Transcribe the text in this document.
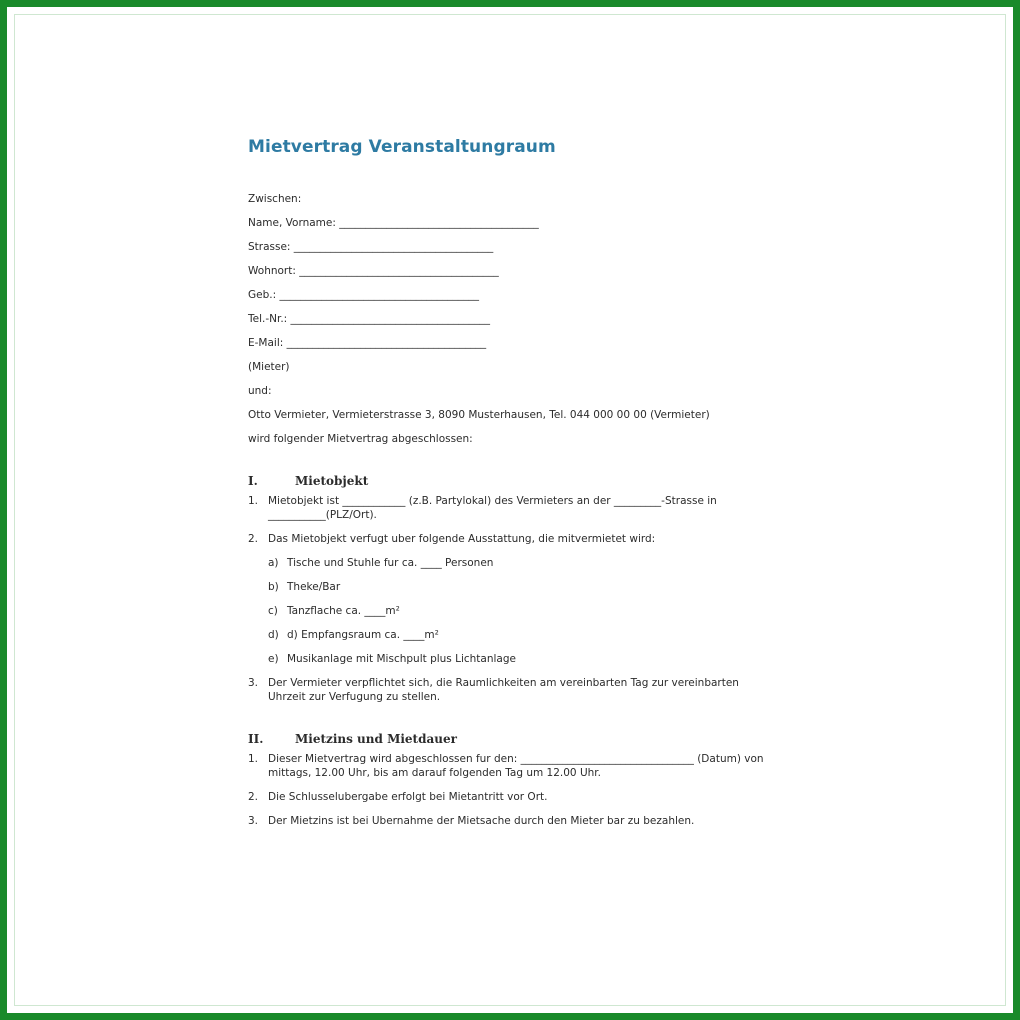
Mietvertrag Veranstaltungraum
Zwischen:
Name, Vorname: ______________________________________
Strasse: ______________________________________
Wohnort: ______________________________________
Geb.: ______________________________________
Tel.-Nr.: ______________________________________
E-Mail: ______________________________________
(Mieter)
und:
Otto Vermieter, Vermieterstrasse 3, 8090 Musterhausen, Tel. 044 000 00 00 (Vermieter)
wird folgender Mietvertrag abgeschlossen:
I.	Mietobjekt
1. Mietobjekt ist ____________ (z.B. Partylokal) des Vermieters an der _________-Strasse in ___________(PLZ/Ort).
2. Das Mietobjekt verfugt uber folgende Ausstattung, die mitvermietet wird:
a) Tische und Stuhle fur ca. ____ Personen
b) Theke/Bar
c) Tanzflache ca. ____m²
d) d) Empfangsraum ca. ____m²
e) Musikanlage mit Mischpult plus Lichtanlage
3. Der Vermieter verpflichtet sich, die Raumlichkeiten am vereinbarten Tag zur vereinbarten Uhrzeit zur Verfugung zu stellen.
II.	Mietzins und Mietdauer
1. Dieser Mietvertrag wird abgeschlossen fur den: _________________________________ (Datum) von mittags, 12.00 Uhr, bis am darauf folgenden Tag um 12.00 Uhr.
2. Die Schlusselubergabe erfolgt bei Mietantritt vor Ort.
3. Der Mietzins ist bei Ubernahme der Mietsache durch den Mieter bar zu bezahlen.
